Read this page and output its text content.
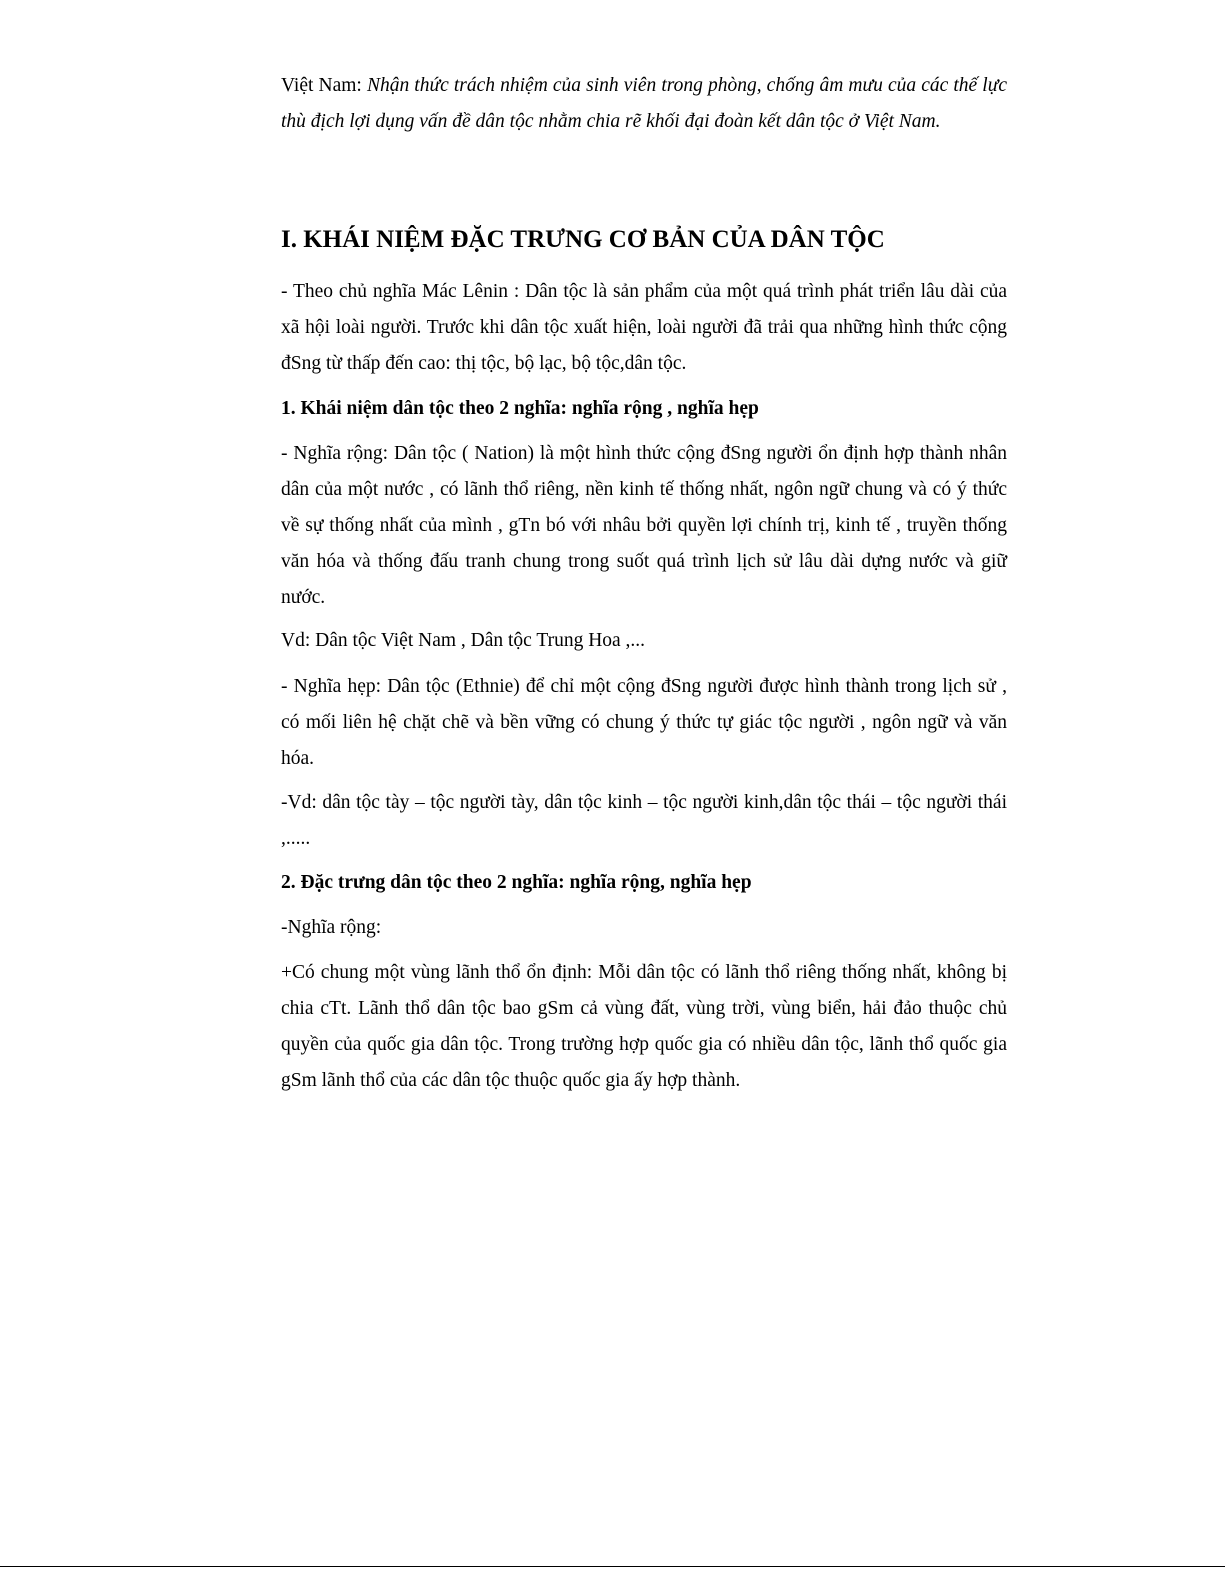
Việt Nam: Nhận thức trách nhiệm của sinh viên trong phòng, chống âm mưu của các thế lực thù địch lợi dụng vấn đề dân tộc nhằm chia rẽ khối đại đoàn kết dân tộc ở Việt Nam.

I. KHÁI NIỆM ĐẶC TRƯNG CƠ BẢN CỦA DÂN TỘC

- Theo chủ nghĩa Mác Lênin : Dân tộc là sản phẩm của một quá trình phát triển lâu dài của xã hội loài người. Trước khi dân tộc xuất hiện, loài người đã trải qua những hình thức cộng đSng từ thấp đến cao: thị tộc, bộ lạc, bộ tộc,dân tộc.

1. Khái niệm dân tộc theo 2 nghĩa: nghĩa rộng , nghĩa hẹp

- Nghĩa rộng: Dân tộc ( Nation) là một hình thức cộng đSng người ổn định hợp thành nhân dân của một nước , có lãnh thổ riêng, nền kinh tế thống nhất, ngôn ngữ chung và có ý thức về sự thống nhất của mình , gTn bó với nhâu bởi quyền lợi chính trị, kinh tế , truyền thống văn hóa và thống đấu tranh chung trong suốt quá trình lịch sử lâu dài dựng nước và giữ nước.

Vd: Dân tộc Việt Nam , Dân tộc Trung Hoa ,...

- Nghĩa hẹp: Dân tộc (Ethnie) để chỉ một cộng đSng người được hình thành trong lịch sử , có mối liên hệ chặt chẽ và bền vững có chung ý thức tự giác tộc người , ngôn ngữ và văn hóa.

-Vd: dân tộc tày – tộc người tày, dân tộc kinh – tộc người kinh,dân tộc thái – tộc người thái ,.....

2. Đặc trưng dân tộc theo 2 nghĩa: nghĩa rộng, nghĩa hẹp

-Nghĩa rộng:

+Có chung một vùng lãnh thổ ổn định: Mỗi dân tộc có lãnh thổ riêng thống nhất, không bị chia cTt. Lãnh thổ dân tộc bao gSm cả vùng đất, vùng trời, vùng biển, hải đảo thuộc chủ quyền của quốc gia dân tộc. Trong trường hợp quốc gia có nhiều dân tộc, lãnh thổ quốc gia gSm lãnh thổ của các dân tộc thuộc quốc gia ấy hợp thành.
